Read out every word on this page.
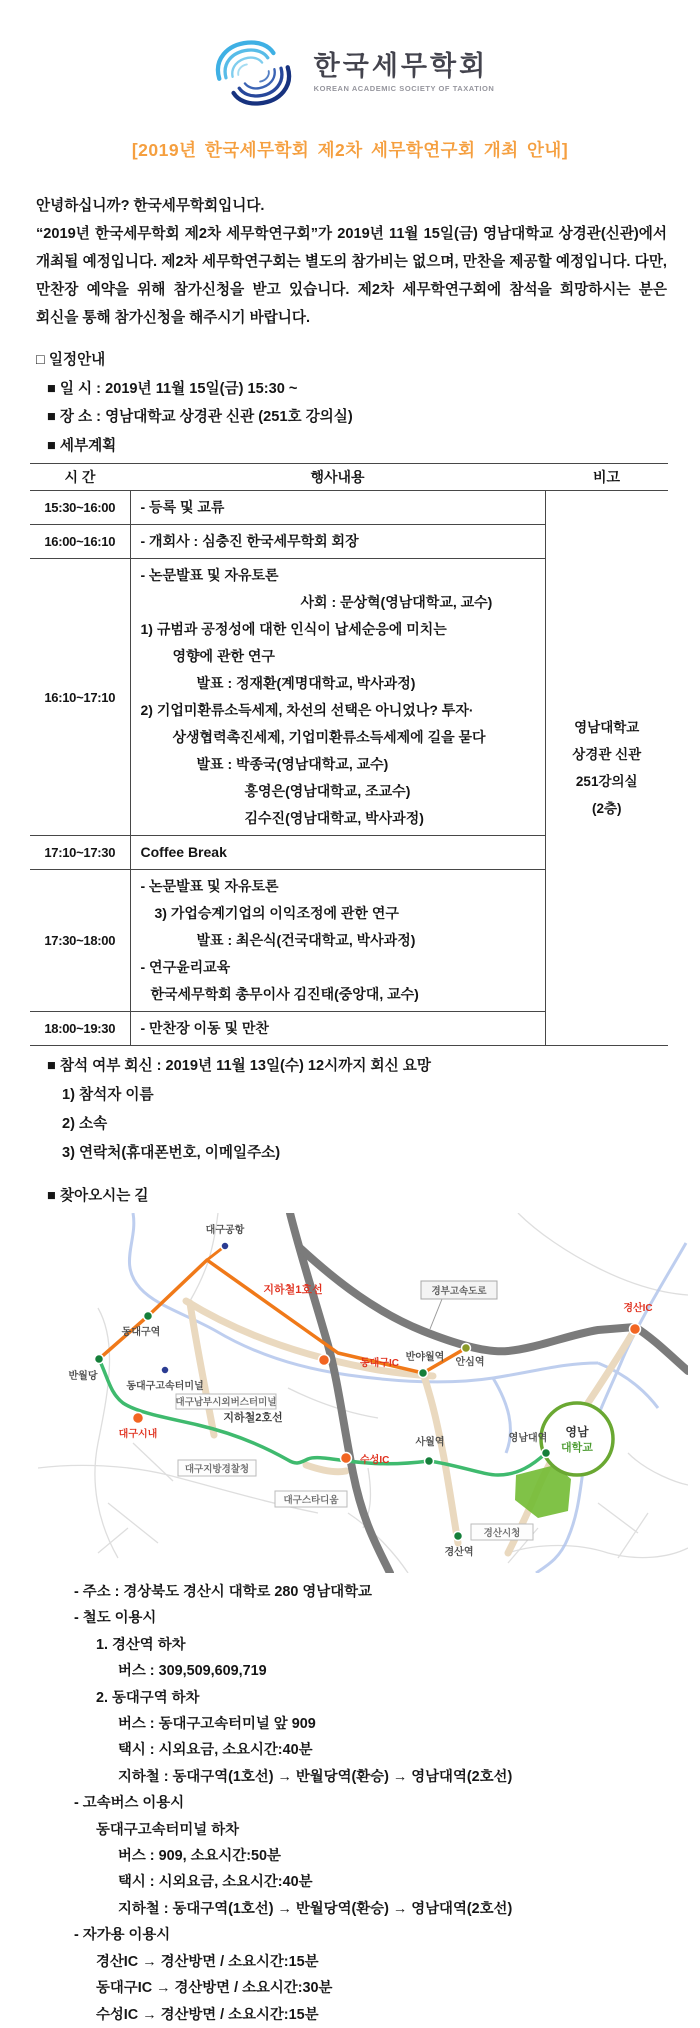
한국세무학회
KOREAN ACADEMIC SOCIETY OF TAXATION
[2019년 한국세무학회 제2차 세무학연구회 개최 안내]
안녕하십니까? 한국세무학회입니다.
“2019년 한국세무학회 제2차 세무학연구회”가 2019년 11월 15일(금) 영남대학교 상경관(신관)에서 개최될 예정입니다. 제2차 세무학연구회는 별도의 참가비는 없으며, 만찬을 제공할 예정입니다. 다만, 만찬장 예약을 위해 참가신청을 받고 있습니다. 제2차 세무학연구회에 참석을 희망하시는 분은 회신을 통해 참가신청을 해주시기 바랍니다.
□ 일정안내
■ 일 시 : 2019년 11월 15일(금) 15:30 ~
■ 장 소 : 영남대학교 상경관 신관 (251호 강의실)
■ 세부계획
시 간	행사내용	비고
15:30~16:00	- 등록 및 교류	영남대학교
상경관 신관
251강의실
(2층)

16:00~16:10	- 개회사 : 심충진 한국세무학회 회장	

16:10~17:10	
- 논문발표 및 자유토론
사회 : 문상혁(영남대학교, 교수)
1) 규범과 공정성에 대한 인식이 납세순응에 미치는
영향에 관한 연구
발표 : 정재환(계명대학교, 박사과정)
2) 기업미환류소득세제, 차선의 선택은 아니었나? 투자·
상생협력촉진세제, 기업미환류소득세제에 길을 묻다
발표 : 박종국(영남대학교, 교수)
홍영은(영남대학교, 조교수)
김수진(영남대학교, 박사과정)

17:10~17:30	Coffee Break	

17:30~18:00	- 논문발표 및 자유토론
3) 가업승계기업의 이익조정에 관한 연구
발표 : 최은식(건국대학교, 박사과정)
- 연구윤리교육
한국세무학회 총무이사 김진태(중앙대, 교수)	

18:00~19:30	- 만찬장 이동 및 만찬	
■ 참석 여부 회신 : 2019년 11월 13일(수) 12시까지 회신 요망
1) 참석자 이름
2) 소속
3) 연락처(휴대폰번호, 이메일주소)
■ 찾아오시는 길
대구공항
동대구역
반월당
동대구고속터미널
대구남부시외버스터미널
지하철1호선	경부고속도로
경산IC
동대구IC
반야월역 안심역
대구시내
지하철2호선
수성IC
대구지방경찰청
대구스타디움
사월역	영남대역 영남
대학교
경산역
경산시청
- 주소 : 경상북도 경산시 대학로 280 영남대학교
- 철도 이용시
1. 경산역 하차
버스 : 309,509,609,719
2. 동대구역 하차
버스 : 동대구고속터미널 앞 909
택시 : 시외요금, 소요시간:40분
지하철 : 동대구역(1호선) → 반월당역(환승) → 영남대역(2호선)
- 고속버스 이용시
동대구고속터미널 하차
버스 : 909, 소요시간:50분
택시 : 시외요금, 소요시간:40분
지하철 : 동대구역(1호선) → 반월당역(환승) → 영남대역(2호선)
- 자가용 이용시
경산IC → 경산방면 / 소요시간:15분
동대구IC → 경산방면 / 소요시간:30분
수성IC → 경산방면 / 소요시간:15분
